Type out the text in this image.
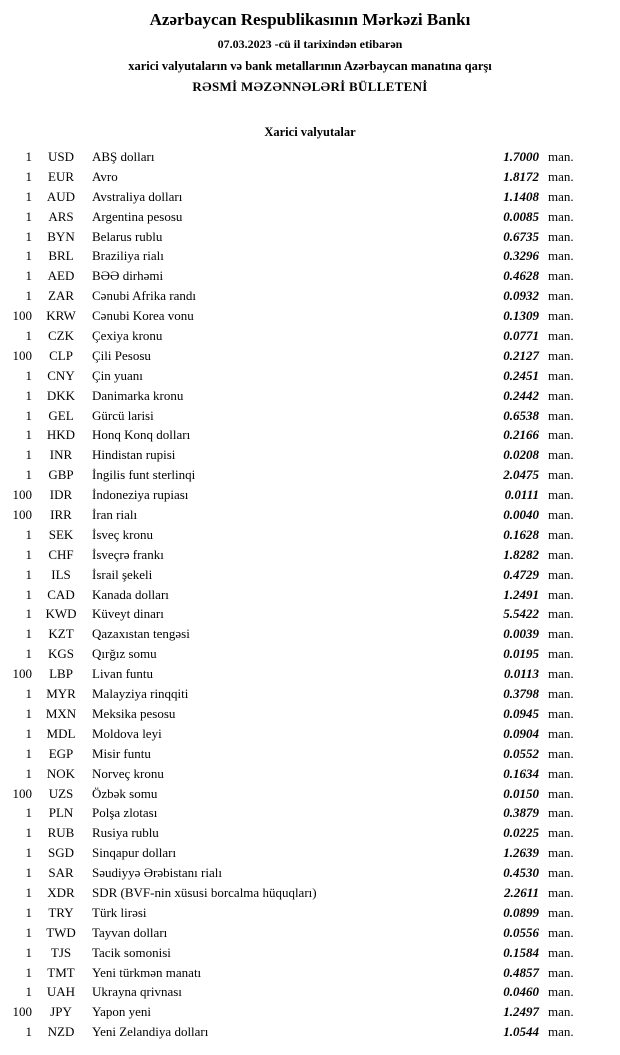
Azərbaycan Respublikasının Mərkəzi Bankı
07.03.2023 -cü il tarixindən etibarən
xarici valyutaların və bank metallarının Azərbaycan manatına qarşı
RƏSMİ MƏZƏNNƏLƏRİ BÜLLETENİ
Xarici valyutalar
1	USD	ABŞ dolları	1.7000 man.
1	EUR	Avro	1.8172 man.
1	AUD	Avstraliya dolları	1.1408 man.
1	ARS	Argentina pesosu	0.0085 man.
1	BYN	Belarus rublu	0.6735 man.
1	BRL	Braziliya rialı	0.3296 man.
1	AED	BƏƏ dirhəmi	0.4628 man.
1	ZAR	Cənubi Afrika randı	0.0932 man.
100	KRW	Cənubi Korea vonu	0.1309 man.
1	CZK	Çexiya kronu	0.0771 man.
100	CLP	Çili Pesosu	0.2127 man.
1	CNY	Çin yuanı	0.2451 man.
1	DKK	Danimarka kronu	0.2442 man.
1	GEL	Gürcü larisi	0.6538 man.
1	HKD	Honq Konq dolları	0.2166 man.
1	INR	Hindistan rupisi	0.0208 man.
1	GBP	İngilis funt sterlinqi	2.0475 man.
100	IDR	İndoneziya rupiası	0.0111 man.
100	IRR	İran rialı	0.0040 man.
1	SEK	İsveç kronu	0.1628 man.
1	CHF	İsveçrə frankı	1.8282 man.
1	ILS	İsrail şekeli	0.4729 man.
1	CAD	Kanada dolları	1.2491 man.
1	KWD	Küveyt dinarı	5.5422 man.
1	KZT	Qazaxıstan tengəsi	0.0039 man.
1	KGS	Qırğız somu	0.0195 man.
100	LBP	Livan funtu	0.0113 man.
1	MYR	Malayziya rinqqiti	0.3798 man.
1	MXN	Meksika pesosu	0.0945 man.
1	MDL	Moldova leyi	0.0904 man.
1	EGP	Misir funtu	0.0552 man.
1	NOK	Norveç kronu	0.1634 man.
100	UZS	Özbək somu	0.0150 man.
1	PLN	Polşa zlotası	0.3879 man.
1	RUB	Rusiya rublu	0.0225 man.
1	SGD	Sinqapur dolları	1.2639 man.
1	SAR	Səudiyyə Ərəbistanı rialı	0.4530 man.
1	XDR	SDR (BVF-nin xüsusi borcalma hüquqları)	2.2611 man.
1	TRY	Türk lirəsi	0.0899 man.
1	TWD	Tayvan dolları	0.0556 man.
1	TJS	Tacik somonisi	0.1584 man.
1	TMT	Yeni türkmən manatı	0.4857 man.
1	UAH	Ukrayna qrivnası	0.0460 man.
100	JPY	Yapon yeni	1.2497 man.
1	NZD	Yeni Zelandiya dolları	1.0544 man.
